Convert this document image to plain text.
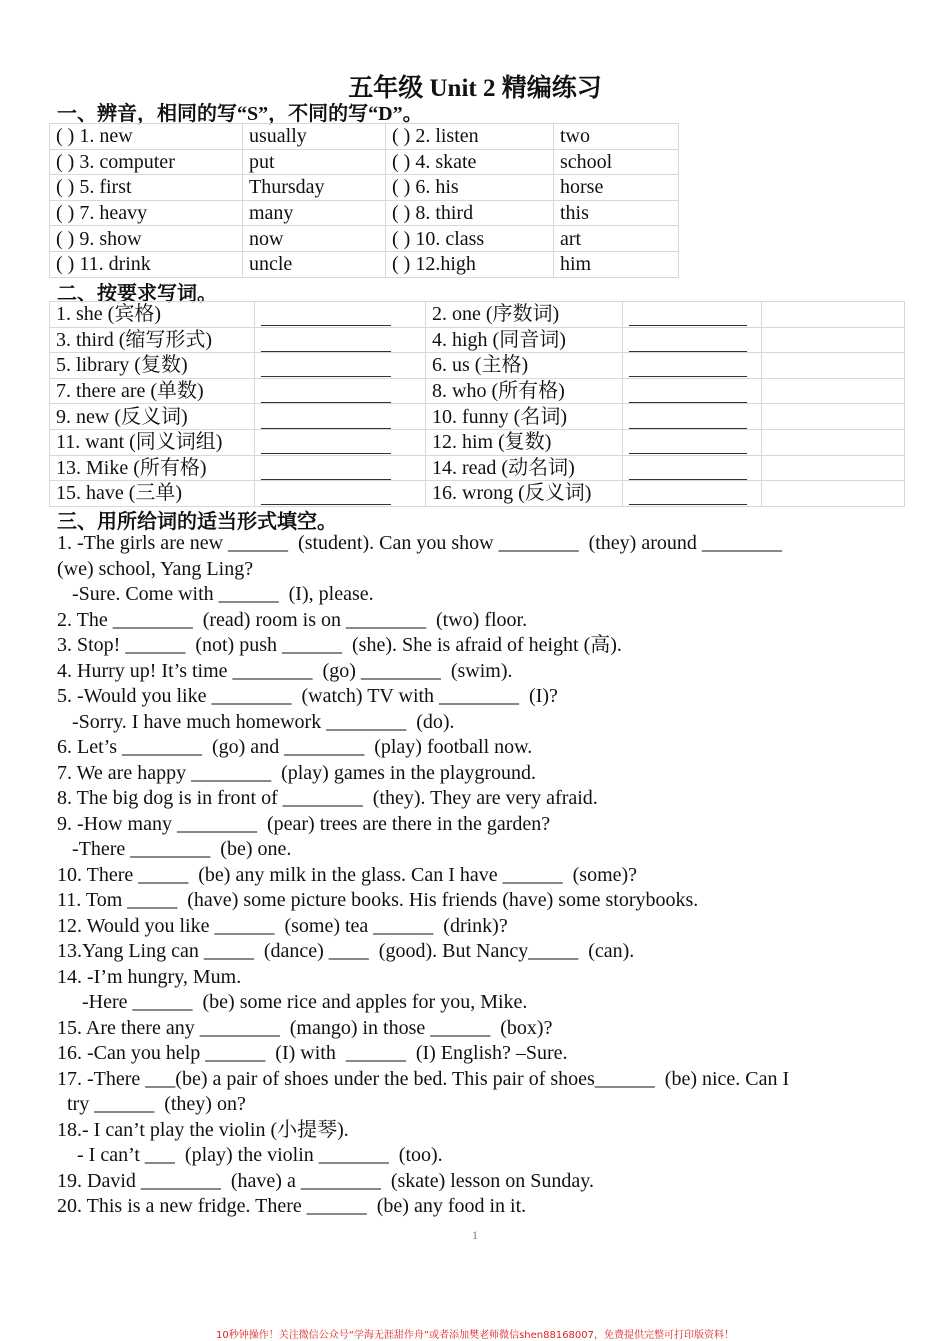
五年级 Unit 2 精编练习
一、辨音，相同的写“S”，不同的写“D”。
( ) 1. new	usually	( ) 2. listen	two
( ) 3. computer	put	( ) 4. skate	school
( ) 5. first	Thursday	( ) 6. his	horse
( ) 7. heavy	many	( ) 8. third	this
( ) 9. show	now	( ) 10. class	art
( ) 11. drink	uncle	( ) 12.high	him
二、按要求写词。
1. she (宾格)		2. one (序数词)		
3. third (缩写形式)		4. high (同音词)		
5. library (复数)		6. us (主格)		
7. there are (单数)		8. who (所有格)		
9. new (反义词)		10. funny (名词)		
11. want (同义词组)		12. him (复数)		
13. Mike (所有格)		14. read (动名词)		
15. have (三单)		16. wrong (反义词)		
三、用所给词的适当形式填空。
1. -The girls are new ______  (student). Can you show ________  (they) around ________
(we) school, Yang Ling?
-Sure. Come with ______  (I), please.
2. The ________  (read) room is on ________  (two) floor.
3. Stop! ______  (not) push ______  (she). She is afraid of height (高).
4. Hurry up! It’s time ________  (go) ________  (swim).
5. -Would you like ________  (watch) TV with ________  (I)?
-Sorry. I have much homework ________  (do).
6. Let’s ________  (go) and ________  (play) football now.
7. We are happy ________  (play) games in the playground.
8. The big dog is in front of ________  (they). They are very afraid.
9. -How many ________  (pear) trees are there in the garden?
-There ________  (be) one.
10. There _____  (be) any milk in the glass. Can I have ______  (some)?
11. Tom _____  (have) some picture books. His friends (have) some storybooks.
12. Would you like ______  (some) tea ______  (drink)?
13.Yang Ling can _____  (dance) ____  (good). But Nancy_____  (can).
14. -I’m hungry, Mum.
-Here ______  (be) some rice and apples for you, Mike.
15. Are there any ________  (mango) in those ______  (box)?
16. -Can you help ______  (I) with  ______  (I) English? –Sure.
17. -There ___(be) a pair of shoes under the bed. This pair of shoes______  (be) nice. Can I
try ______  (they) on?
18.- I can’t play the violin (小提琴).
- I can’t ___  (play) the violin _______  (too).
19. David ________  (have) a ________  (skate) lesson on Sunday.
20. This is a new fridge. There ______  (be) any food in it.
1
10秒钟操作！关注微信公众号“学海无涯甜作舟”或者添加樊老师微信shen88168007，免费提供完整可打印版资料！
